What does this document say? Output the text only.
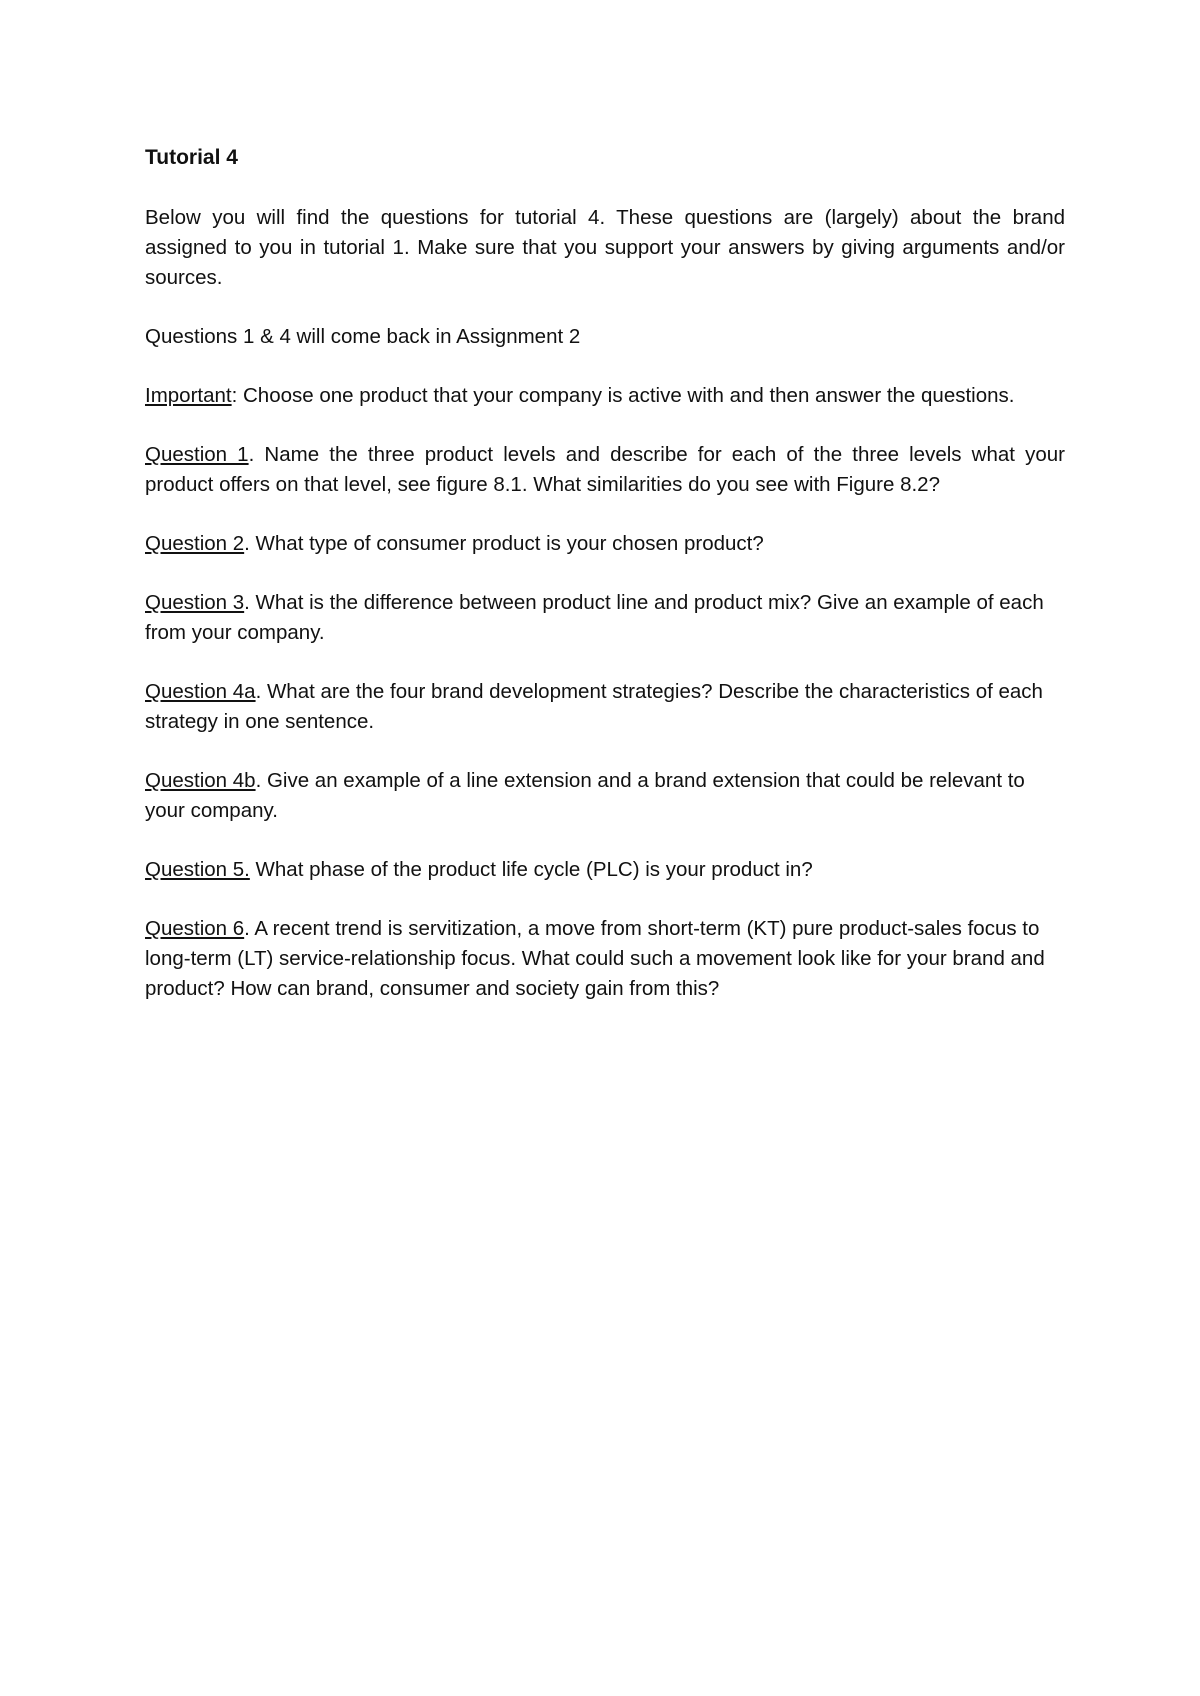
Tutorial 4
Below you will find the questions for tutorial 4. These questions are (largely) about the brand assigned to you in tutorial 1. Make sure that you support your answers by giving arguments and/or sources.
Questions 1 & 4 will come back in Assignment 2
Important: Choose one product that your company is active with and then answer the questions.
Question 1. Name the three product levels and describe for each of the three levels what your product offers on that level, see figure 8.1. What similarities do you see with Figure 8.2?
Question 2. What type of consumer product is your chosen product?
Question 3. What is the difference between product line and product mix? Give an example of each from your company.
Question 4a. What are the four brand development strategies? Describe the characteristics of each strategy in one sentence.
Question 4b. Give an example of a line extension and a brand extension that could be relevant to your company.
Question 5. What phase of the product life cycle (PLC) is your product in?
Question 6. A recent trend is servitization, a move from short-term (KT) pure product-sales focus to long-term (LT) service-relationship focus. What could such a movement look like for your brand and product? How can brand, consumer and society gain from this?
